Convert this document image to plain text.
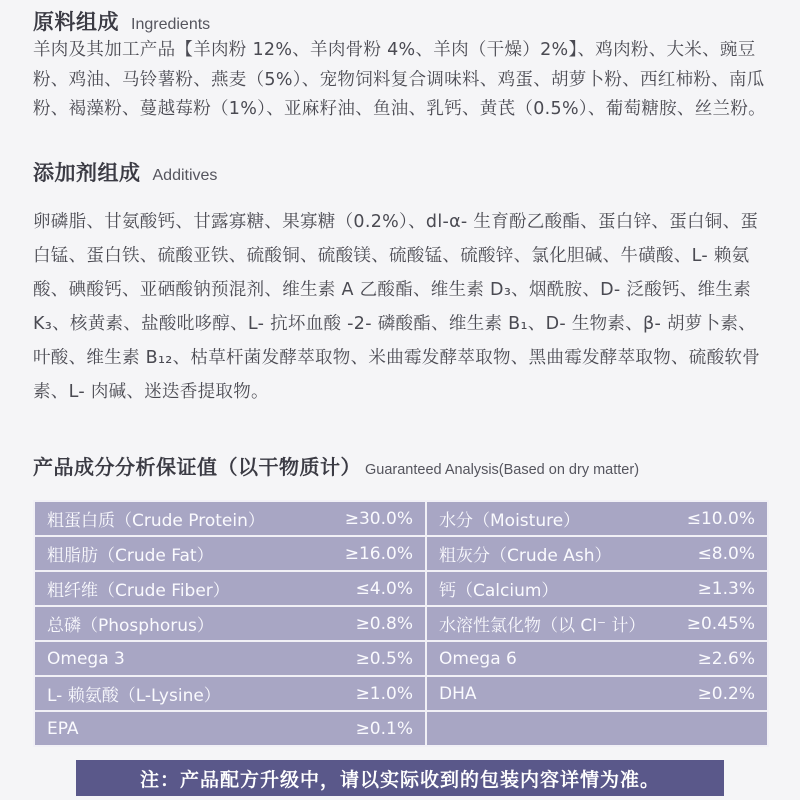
原料组成 Ingredients

羊肉及其加工产品【羊肉粉 12%、羊肉骨粉 4%、羊肉（干燥）2%】、鸡肉粉、大米、豌豆粉、鸡油、马铃薯粉、燕麦（5%）、宠物饲料复合调味料、鸡蛋、胡萝卜粉、西红柿粉、南瓜粉、褐藻粉、蔓越莓粉（1%）、亚麻籽油、鱼油、乳钙、黄芪（0.5%）、葡萄糖胺、丝兰粉。

添加剂组成 Additives

卵磷脂、甘氨酸钙、甘露寡糖、果寡糖（0.2%）、dl-α- 生育酚乙酸酯、蛋白锌、蛋白铜、蛋白锰、蛋白铁、硫酸亚铁、硫酸铜、硫酸镁、硫酸锰、硫酸锌、氯化胆碱、牛磺酸、L- 赖氨酸、碘酸钙、亚硒酸钠预混剂、维生素 A 乙酸酯、维生素 D₃、烟酰胺、D- 泛酸钙、维生素 K₃、核黄素、盐酸吡哆醇、L- 抗坏血酸 -2- 磷酸酯、维生素 B₁、D- 生物素、β- 胡萝卜素、叶酸、维生素 B₁₂、枯草杆菌发酵萃取物、米曲霉发酵萃取物、黑曲霉发酵萃取物、硫酸软骨素、L- 肉碱、迷迭香提取物。

产品成分分析保证值（以干物质计） Guaranteed Analysis(Based on dry matter)
粗蛋白质（Crude Protein） ≥30.0%	水分（Moisture） ≤10.0%

粗脂肪（Crude Fat） ≥16.0%	粗灰分（Crude Ash） ≤8.0%

粗纤维（Crude Fiber） ≤4.0%	钙（Calcium） ≥1.3%

总磷（Phosphorus） ≥0.8%	水溶性氯化物（以 Cl⁻ 计） ≥0.45%

Omega 3 ≥0.5%	Omega 6 ≥2.6%

L- 赖氨酸（L-Lysine） ≥1.0%	DHA ≥0.2%

EPA ≥0.1%	

注：产品配方升级中，请以实际收到的包装内容详情为准。
